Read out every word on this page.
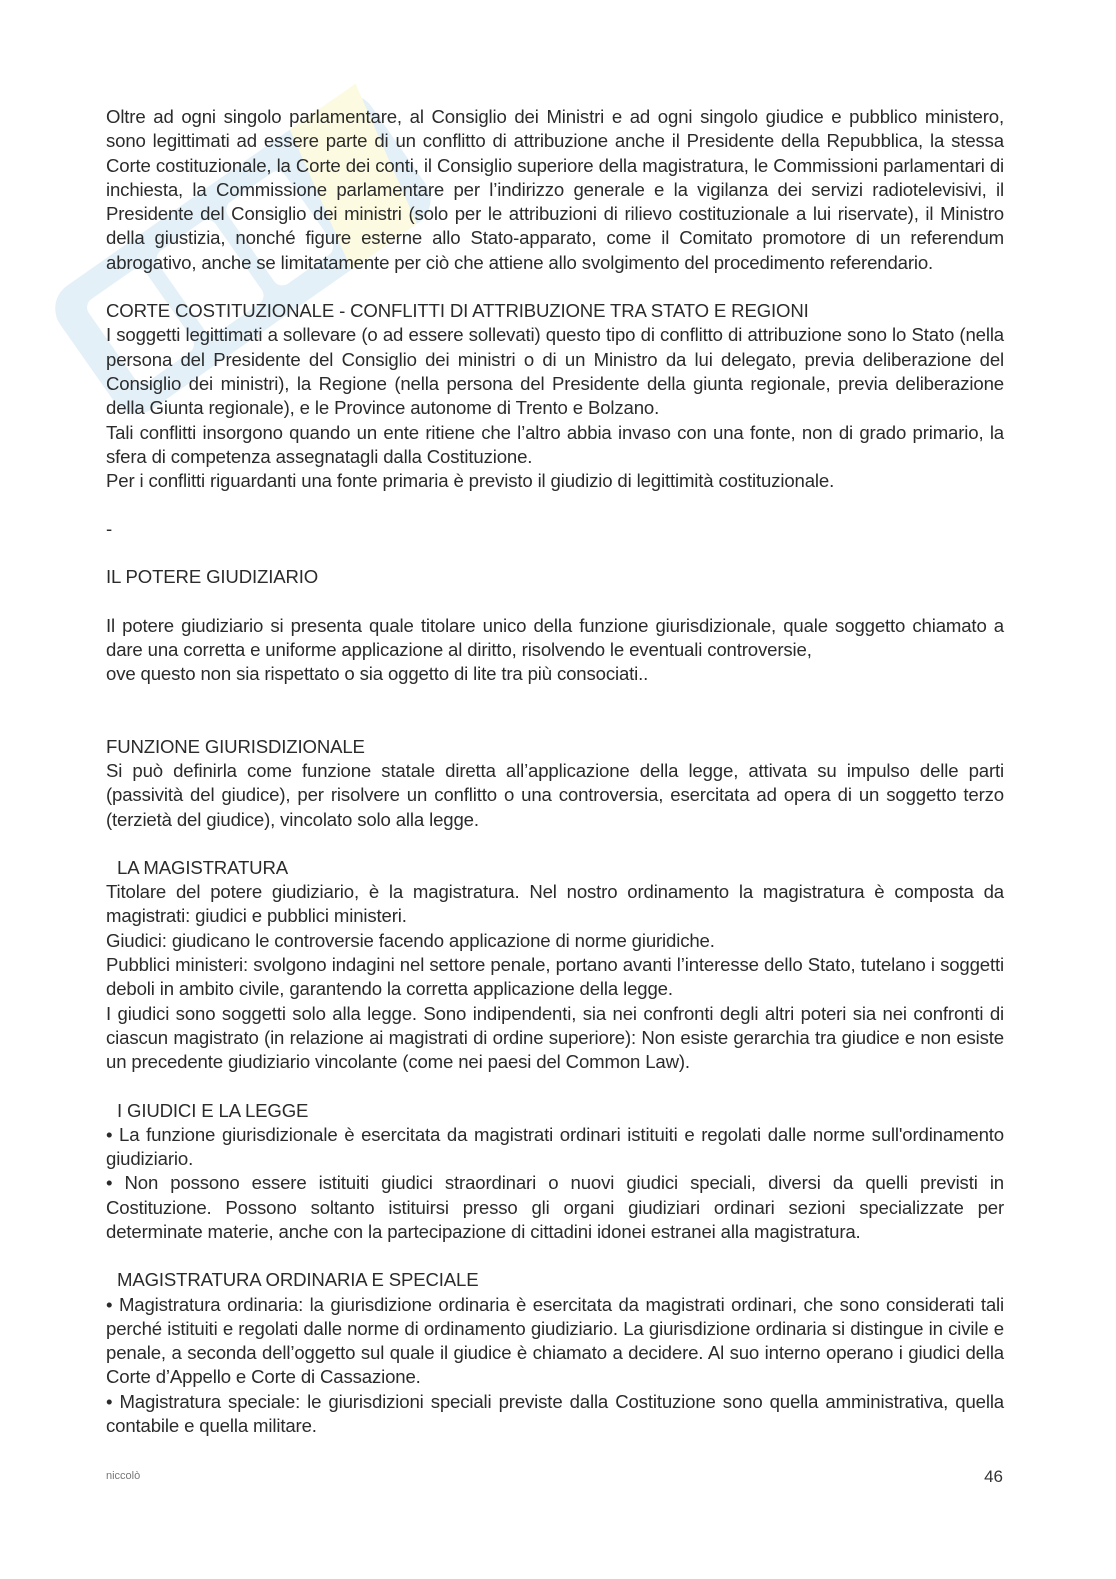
Oltre ad ogni singolo parlamentare, al Consiglio dei Ministri e ad ogni singolo giudice e pubblico ministero, sono legittimati ad essere parte di un conflitto di attribuzione anche il Presidente della Repubblica, la stessa Corte costituzionale, la Corte dei conti, il Consiglio superiore della magistratura, le Commissioni parlamentari di inchiesta, la Commissione parlamentare per l’indirizzo generale e la vigilanza dei servizi radiotelevisivi, il Presidente del Consiglio dei ministri (solo per le attribuzioni di rilievo costituzionale a lui riservate), il Ministro della giustizia, nonché figure esterne allo Stato-apparato, come il Comitato promotore di un referendum abrogativo, anche se limitatamente per ciò che attiene allo svolgimento del procedimento referendario.

CORTE COSTITUZIONALE - CONFLITTI DI ATTRIBUZIONE TRA STATO E REGIONI

I soggetti legittimati a sollevare (o ad essere sollevati) questo tipo di conflitto di attribuzione sono lo Stato (nella persona del Presidente del Consiglio dei ministri o di un Ministro da lui delegato, previa deliberazione del Consiglio dei ministri), la Regione (nella persona del Presidente della giunta regionale, previa deliberazione della Giunta regionale), e le Province autonome di Trento e Bolzano.

Tali conflitti insorgono quando un ente ritiene che l’altro abbia invaso con una fonte, non di grado primario, la sfera di competenza assegnatagli dalla Costituzione.

Per i conflitti riguardanti una fonte primaria è previsto il giudizio di legittimità costituzionale.

-

IL POTERE GIUDIZIARIO

Il potere giudiziario si presenta quale titolare unico della funzione giurisdizionale, quale soggetto chiamato a dare una corretta e uniforme applicazione al diritto, risolvendo le eventuali controversie,

ove questo non sia rispettato o sia oggetto di lite tra più consociati..

FUNZIONE GIURISDIZIONALE

Si può definirla come funzione statale diretta all’applicazione della legge, attivata su impulso delle parti (passività del giudice), per risolvere un conflitto o una controversia, esercitata ad opera di un soggetto terzo (terzietà del giudice), vincolato solo alla legge.

LA MAGISTRATURA

Titolare del potere giudiziario, è la magistratura. Nel nostro ordinamento la magistratura è composta da magistrati: giudici e pubblici ministeri.

Giudici: giudicano le controversie facendo applicazione di norme giuridiche.

Pubblici ministeri: svolgono indagini nel settore penale, portano avanti l’interesse dello Stato, tutelano i soggetti deboli in ambito civile, garantendo la corretta applicazione della legge.

I giudici sono soggetti solo alla legge. Sono indipendenti, sia nei confronti degli altri poteri sia nei confronti di ciascun magistrato (in relazione ai magistrati di ordine superiore): Non esiste gerarchia tra giudice e non esiste un precedente giudiziario vincolante (come nei paesi del Common Law).

I GIUDICI E LA LEGGE

• La funzione giurisdizionale è esercitata da magistrati ordinari istituiti e regolati dalle norme sull'ordinamento giudiziario.

• Non possono essere istituiti giudici straordinari o nuovi giudici speciali, diversi da quelli previsti in Costituzione. Possono soltanto istituirsi presso gli organi giudiziari ordinari sezioni specializzate per determinate materie, anche con la partecipazione di cittadini idonei estranei alla magistratura.

MAGISTRATURA ORDINARIA E SPECIALE

• Magistratura ordinaria: la giurisdizione ordinaria è esercitata da magistrati ordinari, che sono considerati tali perché istituiti e regolati dalle norme di ordinamento giudiziario. La giurisdizione ordinaria si distingue in civile e penale, a seconda dell’oggetto sul quale il giudice è chiamato a decidere. Al suo interno operano i giudici della Corte d’Appello e Corte di Cassazione.

• Magistratura speciale: le giurisdizioni speciali previste dalla Costituzione sono quella amministrativa, quella contabile e quella militare.

niccolò	46
